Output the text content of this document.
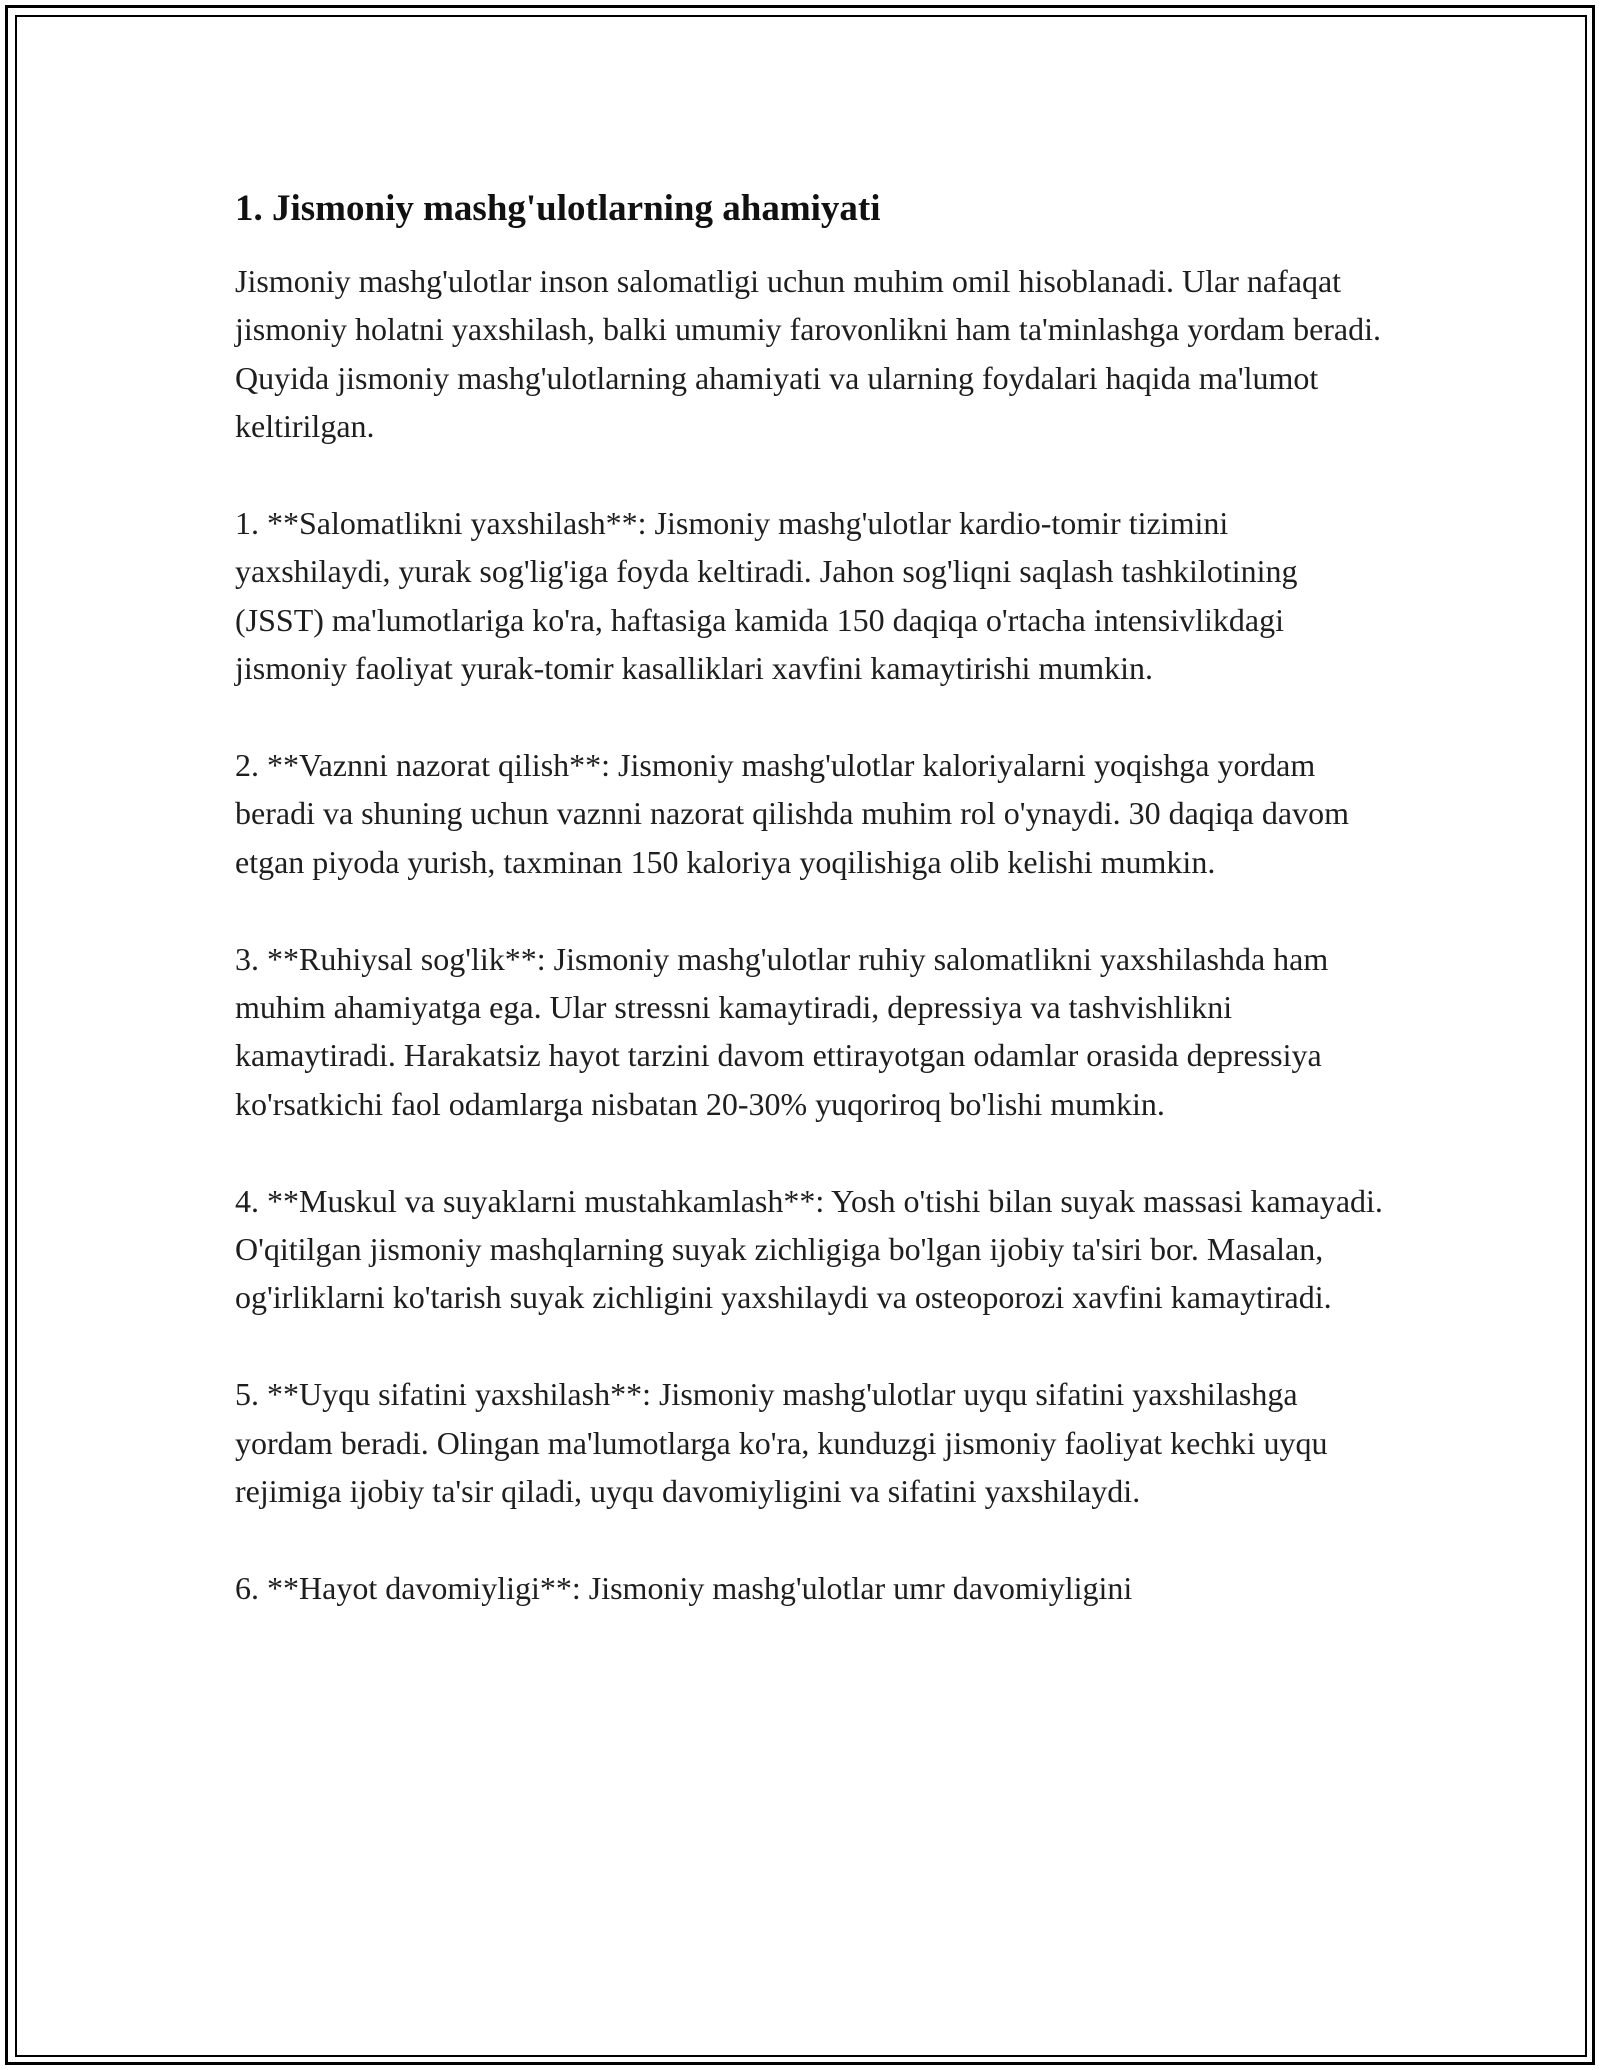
1. Jismoniy mashg'ulotlarning ahamiyati

Jismoniy mashg'ulotlar inson salomatligi uchun muhim omil hisoblanadi. Ular nafaqat jismoniy holatni yaxshilash, balki umumiy farovonlikni ham ta'minlashga yordam beradi. Quyida jismoniy mashg'ulotlarning ahamiyati va ularning foydalari haqida ma'lumot keltirilgan.

1. **Salomatlikni yaxshilash**: Jismoniy mashg'ulotlar kardio-tomir tizimini yaxshilaydi, yurak sog'lig'iga foyda keltiradi. Jahon sog'liqni saqlash tashkilotining (JSST) ma'lumotlariga ko'ra, haftasiga kamida 150 daqiqa o'rtacha intensivlikdagi jismoniy faoliyat yurak-tomir kasalliklari xavfini kamaytirishi mumkin.

2. **Vaznni nazorat qilish**: Jismoniy mashg'ulotlar kaloriyalarni yoqishga yordam beradi va shuning uchun vaznni nazorat qilishda muhim rol o'ynaydi. 30 daqiqa davom etgan piyoda yurish, taxminan 150 kaloriya yoqilishiga olib kelishi mumkin.

3. **Ruhiysal sog'lik**: Jismoniy mashg'ulotlar ruhiy salomatlikni yaxshilashda ham muhim ahamiyatga ega. Ular stressni kamaytiradi, depressiya va tashvishlikni kamaytiradi. Harakatsiz hayot tarzini davom ettirayotgan odamlar orasida depressiya ko'rsatkichi faol odamlarga nisbatan 20-30% yuqoriroq bo'lishi mumkin.

4. **Muskul va suyaklarni mustahkamlash**: Yosh o'tishi bilan suyak massasi kamayadi. O'qitilgan jismoniy mashqlarning suyak zichligiga bo'lgan ijobiy ta'siri bor. Masalan, og'irliklarni ko'tarish suyak zichligini yaxshilaydi va osteoporozi xavfini kamaytiradi.

5. **Uyqu sifatini yaxshilash**: Jismoniy mashg'ulotlar uyqu sifatini yaxshilashga yordam beradi. Olingan ma'lumotlarga ko'ra, kunduzgi jismoniy faoliyat kechki uyqu rejimiga ijobiy ta'sir qiladi, uyqu davomiyligini va sifatini yaxshilaydi.

6. **Hayot davomiyligi**: Jismoniy mashg'ulotlar umr davomiyligini
